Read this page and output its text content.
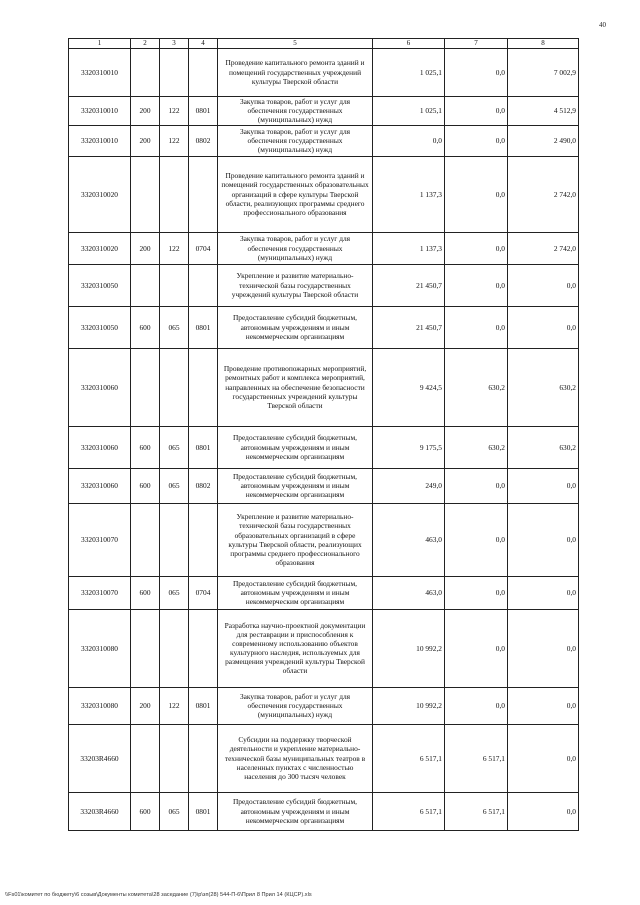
40
1	2	3	4	5	6	7	8
3320310010				Проведение капитального ремонта зданий и помещений государственных учреждений культуры Тверской области	1 025,1	0,0	7 002,9
3320310010	200	122	0801	Закупка товаров, работ и услуг для обеспечения государственных (муниципальных) нужд	1 025,1	0,0	4 512,9
3320310010	200	122	0802	Закупка товаров, работ и услуг для обеспечения государственных (муниципальных) нужд	0,0	0,0	2 490,0
3320310020				Проведение капитального ремонта зданий и помещений государственных образовательных организаций в сфере культуры Тверской области, реализующих программы среднего профессионального образования	1 137,3	0,0	2 742,0
3320310020	200	122	0704	Закупка товаров, работ и услуг для обеспечения государственных (муниципальных) нужд	1 137,3	0,0	2 742,0
3320310050				Укрепление и развитие материально-технической базы государственных учреждений культуры Тверской области	21 450,7	0,0	0,0
3320310050	600	065	0801	Предоставление субсидий бюджетным, автономным учреждениям и иным некоммерческим организациям	21 450,7	0,0	0,0
3320310060				Проведение противопожарных мероприятий, ремонтных работ и комплекса мероприятий, направленных на обеспечение безопасности государственных учреждений культуры Тверской области	9 424,5	630,2	630,2
3320310060	600	065	0801	Предоставление субсидий бюджетным, автономным учреждениям и иным некоммерческим организациям	9 175,5	630,2	630,2
3320310060	600	065	0802	Предоставление субсидий бюджетным, автономным учреждениям и иным некоммерческим организациям	249,0	0,0	0,0
3320310070				Укрепление и развитие материально-технической базы государственных образовательных организаций в сфере культуры Тверской области, реализующих программы среднего профессионального образования	463,0	0,0	0,0
3320310070	600	065	0704	Предоставление субсидий бюджетным, автономным учреждениям и иным некоммерческим организациям	463,0	0,0	0,0
3320310080				Разработка научно-проектной документации для реставрации и приспособления к современному использованию объектов культурного наследия, используемых для размещения учреждений культуры Тверской области	10 992,2	0,0	0,0
3320310080	200	122	0801	Закупка товаров, работ и услуг для обеспечения государственных (муниципальных) нужд	10 992,2	0,0	0,0
33203R4660				Субсидии на поддержку творческой деятельности и укрепление материально-технической базы муниципальных театров в населенных пунктах с численностью населения до 300 тысяч человек	6 517,1	6 517,1	0,0
33203R4660	600	065	0801	Предоставление субсидий бюджетным, автономным учреждениям и иным некоммерческим организациям	6 517,1	6 517,1	0,0
\\Fs01\комитет по бюджету\6 созыв\Документы комитета\28 заседание (7)\р\зп(28) 544-П-6\Прил 8 Прил 14 (КЦСР).xls
